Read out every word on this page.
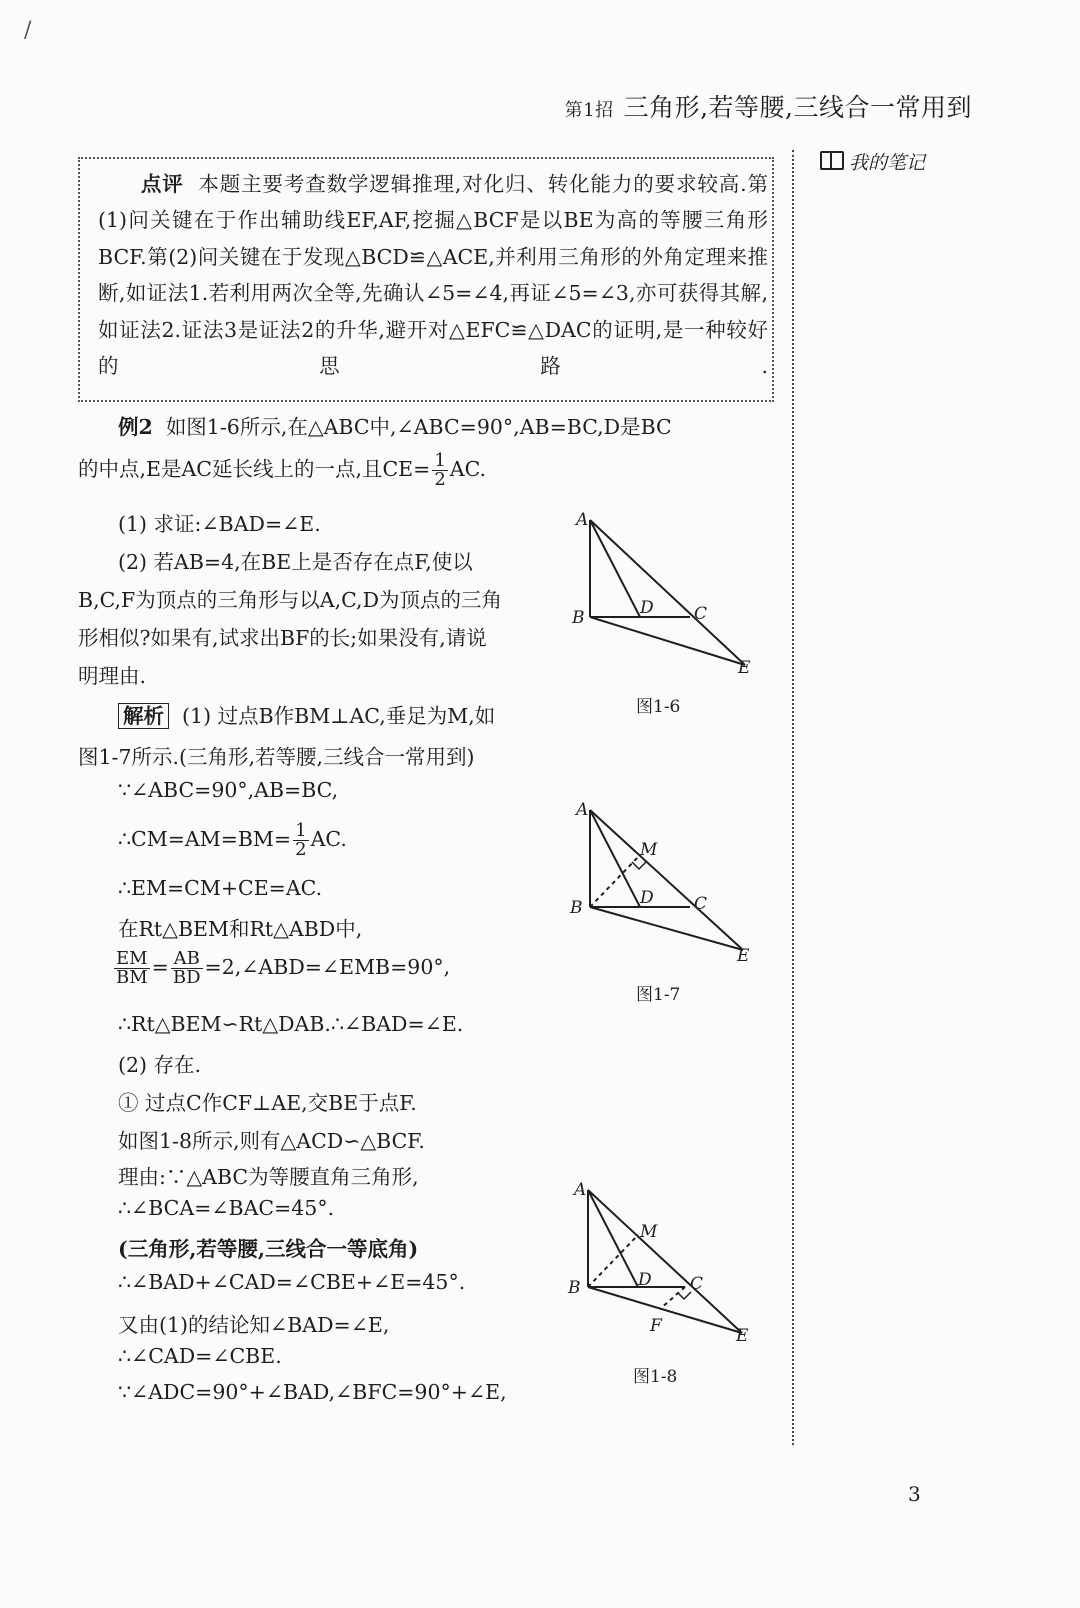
/
第1招 三角形,若等腰,三线合一常用到
我的笔记
点评 本题主要考查数学逻辑推理,对化归、转化能力的要求较高.第(1)问关键在于作出辅助线EF,AF,挖掘△BCF是以BE为高的等腰三角形BCF.第(2)问关键在于发现△BCD≌△ACE,并利用三角形的外角定理来推断,如证法1.若利用两次全等,先确认∠5=∠4,再证∠5=∠3,亦可获得其解,如证法2.证法3是证法2的升华,避开对△EFC≌△DAC的证明,是一种较好的思路.
例2 如图1-6所示,在△ABC中,∠ABC=90°,AB=BC,D是BC
的中点,E是AC延长线上的一点,且$CE= \frac{1}{2}$ AC.
(1) 求证:∠BAD=∠E.
(2) 若AB=4,在BE上是否存在点F,使以
B,C,F为顶点的三角形与以A,C,D为顶点的三角
形相似?如果有,试求出BF的长;如果没有,请说
明理由.
解析 (1) 过点B作BM⊥AC,垂足为M,如
图1-7所示.(三角形,若等腰,三线合一常用到)
∵∠ABC=90°,AB=BC,
∴CM=AM=BM= $\frac{1}{2}$ AC.
∴EM=CM+CE=AC.
在Rt△BEM和Rt△ABD中,
$\frac{EM}{BM} = \frac{AB}{BD}$ =2,∠ABD=∠EMB=90°,
∴Rt△BEM∽Rt△DAB.∴∠BAD=∠E.
(2) 存在.
① 过点C作CF⊥AE,交BE于点F.
如图1-8所示,则有△ACD∽△BCF.
理由:∵△ABC为等腰直角三角形,
∴∠BCA=∠BAC=45°.
(三角形,若等腰,三线合一等底角)
∴∠BAD+∠CAD=∠CBE+∠E=45°.
又由(1)的结论知∠BAD=∠E,
∴∠CAD=∠CBE.
∵∠ADC=90°+∠BAD,∠BFC=90°+∠E,
A
B	D C
E
图1-6
A
B
M
D C
E
图1-7
A
B
M
D C
F	E
图1-8
3
